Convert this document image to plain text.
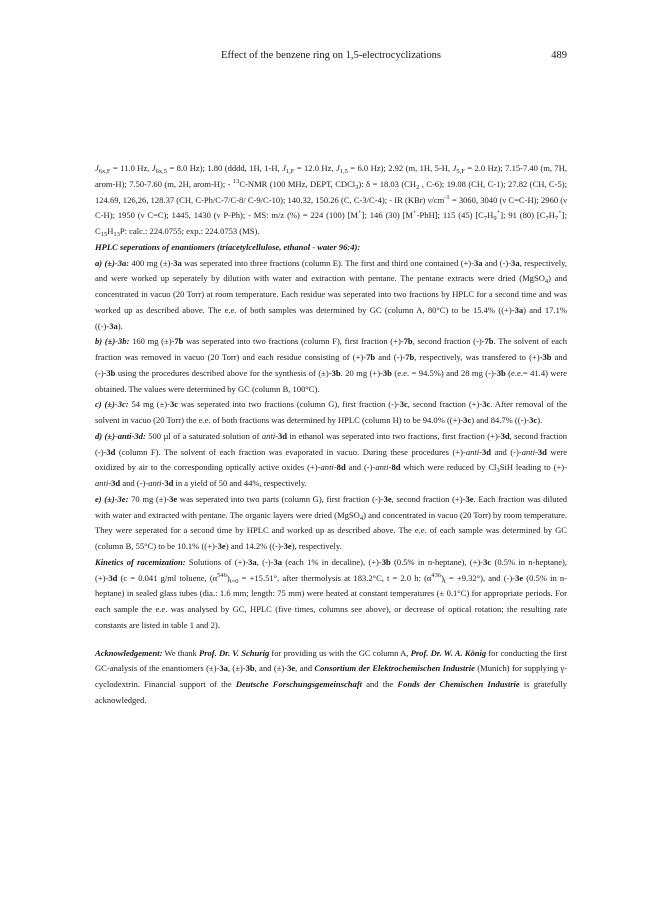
Effect of the benzene ring on 1,5-electrocyclizations	489

$J_{6x,F} = 11.0$ Hz, $J_{6x,5} = 8.0$ Hz); 1.80 (dddd, 1H, 1-H, $J_{1,F} = 12.0$ Hz, $J_{1,5} = 6.0$ Hz); 2.92 (m, 1H, 5-H, $J_{5,F} = 2.0$ Hz); 7.15-7.40 (m, 7H, arom-H); 7.50-7.60 (m, 2H, arom-H); - $^{13}$C-NMR (100 MHz, DEPT, CDCl$_3$): δ = 18.03 ($CH_2$ , C-6); 19.08 (CH, C-1); 27.82 (CH, C-5); 124.69, 126,26, 128.37 (CH, C-Ph/C-7/C-8/ C-9/C-10); 140.32, 150.26 (C, C-3/C-4); - IR (KBr) $\nu/cm^{-1} = 3060$, 3040 (ν C=C-H); 2960 (ν C-H); 1950 (ν C=C); 1445, 1430 (ν P-Ph); - MS: m/z (%) = 224 (100) [M+]; 146 (30) [M+-PhH]; 115 (45) $[C_7H_9^+]$; 91 (80) $[C_7H_7^+]$; $C_{15}H_{13}P$: calc.: 224.0755; exp.: 224.0753 (MS).

HPLC seperations of enantiomers (triacetylcellulose, ethanol - water 96:4):

a) (±)-3a: 400 mg (±)-3a was seperated into three fractions (column E). The first and third one contained (+)-3a and (-)-3a, respectively, and were worked up seperately by dilution with water and extraction with pentane. The pentane extracts were dried (MgSO$_4$) and concentrated in vacuo (20 Torr) at room temperature. Each residue was seperated into two fractions by HPLC for a second time and was worked up as described above. The e.e. of both samples was determined by GC (column A, 80°C) to be 15.4% ((+)-3a) and 17.1% ((-)-3a).

b) (±)-3b: 160 mg (±)-7b was seperated into two fractions (column F), first fraction (+)-7b, second fraction (-)-7b. The solvent of each fraction was removed in vacuo (20 Torr) and each residue consisting of (+)-7b and (-)-7b, respectively, was transfered to (+)-3b and (-)-3b using the procedures described above for the synthesis of (±)-3b. 20 mg (+)-3b (e.e. = 94.5%) and 28 mg (-)-3b (e.e.= 41.4) were obtained. The values were determined by GC (column B, 100°C).

c) (±)-3c: 54 mg (±)-3c was seperated into two fractions (column G), first fraction (-)-3c, second fraction (+)-3c. After removal of the solvent in vacuo (20 Torr) the e.e. of both fractions was determined by HPLC (column H) to be 94.0% ((+)-3c) and 84.7% ((-)-3c).

d) (±)-anti-3d: 500 µl of a saturated solution of anti-3d in ethanol was seperated into two fractions, first fraction (+)-3d, second fraction (-)-3d (column F). The solvent of each fraction was evaporated in vacuo. During these procedures (+)-anti-3d and (-)-anti-3d were oxidized by air to the corresponding optically active oxides (+)-anti-8d and (-)-anti-8d which were reduced by $Cl_3SiH$ leading to (+)-anti-3d and (-)-anti-3d in a yield of 50 and 44%, respectively.

e) (±)-3e: 70 mg (±)-3e was seperated into two parts (column G), first fraction (-)-3e, second fraction (+)-3e. Each fraction was diluted with water and extracted with pentane. The organic layers were dried (MgSO$_4$) and concentrated in vacuo (20 Torr) by room temperature. They were seperated for a second time by HPLC and worked up as described above. The e.e. of each sample was determined by GC (column B, 55°C) to be 10.1% ((+)-3e) and 14.2% ((-)-3e), respectively.

Kinetics of racemization: Solutions of (+)-3a, (-)-3a (each 1% in decaline), (+)-3b (0.5% in n-heptane), (+)-3c (0.5% in n-heptane), (+)-3d (c = 0.041 g/ml toluene, $(\alpha^{546})_{t=0} = +15.51^\circ$, after thermolysis at 183.2°C, t = 2.0 h: $(\alpha^{436})_t = +9.32^\circ$), and (-)-3e (0.5% in n-heptane) in sealed glass tubes (dia.: 1.6 mm; length: 75 mm) were heated at constant temperatures (± 0.1°C) for appropriate periods. For each sample the e.e. was analysed by GC, HPLC (five times, columns see above), or decrease of optical rotation; the resulting rate constants are listed in table 1 and 2).

Acknowledgement: We thank Prof. Dr. V. Schurig for providing us with the GC column A, Prof. Dr. W. A. König for conducting the first GC-analysis of the enantiomers (±)-3a, (±)-3b, and (±)-3e, and Consortium der Elektrochemischen Industrie (Munich) for supplying γ-cyclodextrin. Financial support of the Deutsche Forschungsgemeinschaft and the Fonds der Chemischen Industrie is gratefully acknowledged.
